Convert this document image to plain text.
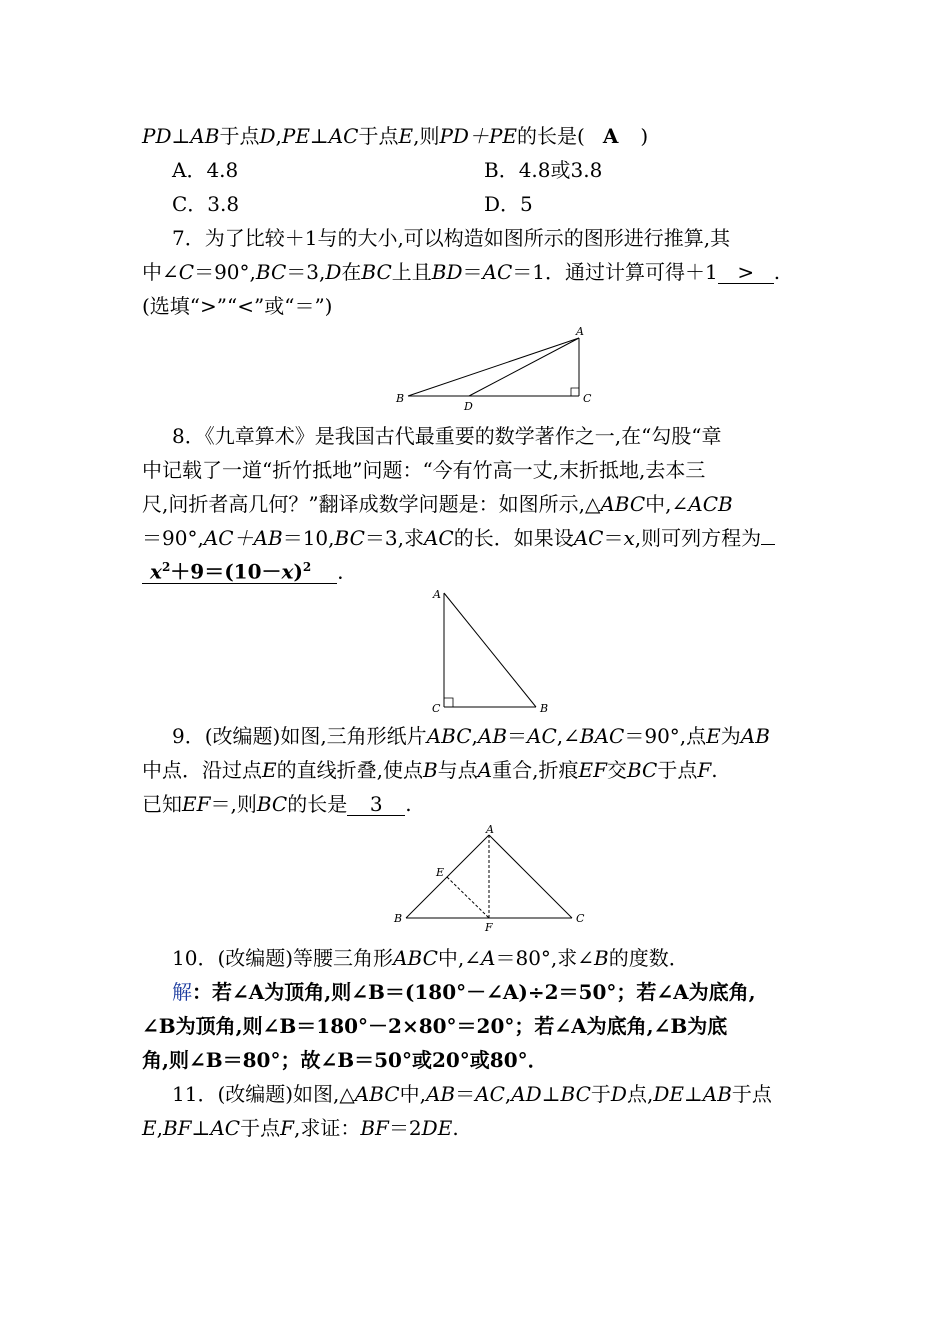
PD⊥AB于点D,PE⊥AC于点E,则PD＋PE的长是( A )
A．4.8	B．4.8或3.8
C．3.8	D．5
7．为了比较＋1与的大小,可以构造如图所示的图形进行推算,其
中∠C＝90°,BC＝3,D在BC上且BD＝AC＝1．通过计算可得＋1 > .
(选填“>”“<”或“＝”)
A
B	C
D
8．《九章算术》是我国古代最重要的数学著作之一,在“勾股“章
中记载了一道“折竹抵地”问题：“今有竹高一丈,末折抵地,去本三
尺,问折者高几何？”翻译成数学问题是：如图所示,△ABC中,∠ACB
＝90°,AC＋AB＝10,BC＝3,求AC的长．如果设AC＝x,则可列方程为
$x^2+9=(10-x)^2$ ．
A
C	B
9．(改编题)如图,三角形纸片ABC,AB＝AC,∠BAC＝90°,点E为AB
中点．沿过点E的直线折叠,使点B与点A重合,折痕EF交BC于点F.
已知EF＝,则BC的长是 3 .
A
B	C
E
F
10．(改编题)等腰三角形ABC中,∠A＝80°,求∠B的度数．
解：若∠A为顶角,则∠B＝(180°－∠A)÷2＝50°；若∠A为底角,
∠B为顶角,则∠B＝180°－2×80°＝20°；若∠A为底角,∠B为底
角,则∠B＝80°；故∠B＝50°或20°或80°．
11．(改编题)如图,△ABC中,AB＝AC,AD⊥BC于D点,DE⊥AB于点
E,BF⊥AC于点F,求证：BF＝2DE.
